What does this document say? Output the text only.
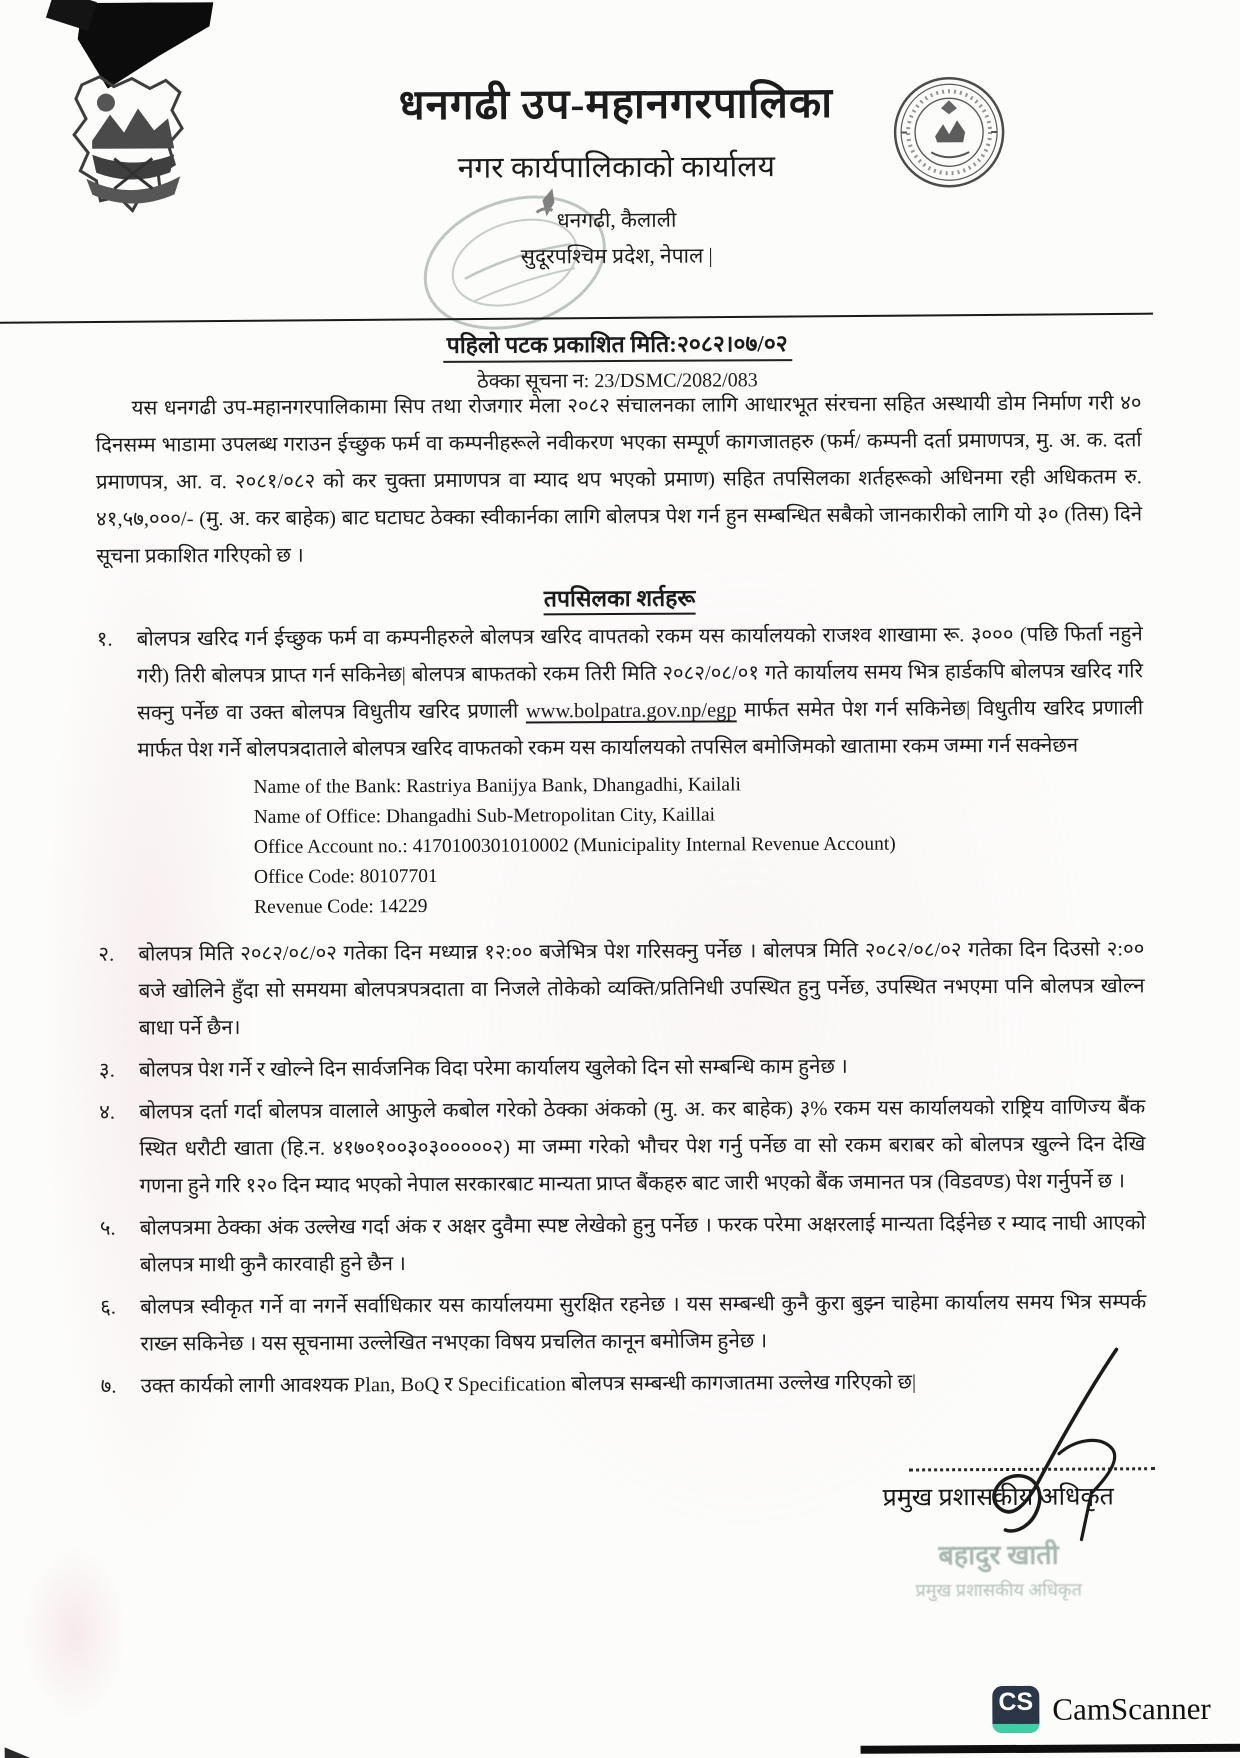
धनगढी उप-महानगरपालिका
नगर कार्यपालिकाको कार्यालय
धनगढी, कैलाली
सुदूरपश्चिम प्रदेश, नेपाल |
पहिलो पटक प्रकाशित मिति:२०८२।०७/०२
ठेक्का सूचना न: 23/DSMC/2082/083

यस धनगढी उप-महानगरपालिकामा सिप तथा रोजगार मेला २०८२ संचालनका लागि आधारभूत संरचना सहित अस्थायी डोम निर्माण गरी ४० दिनसम्म भाडामा उपलब्ध गराउन ईच्छुक फर्म वा कम्पनीहरूले नवीकरण भएका सम्पूर्ण कागजातहरु (फर्म/ कम्पनी दर्ता प्रमाणपत्र, मु. अ. क. दर्ता प्रमाणपत्र, आ. व. २०८१/०८२ को कर चुक्ता प्रमाणपत्र वा म्याद थप भएको प्रमाण) सहित तपसिलका शर्तहरूको अधिनमा रही अधिकतम रु. ४१,५७,०००/- (मु. अ. कर बाहेक) बाट घटाघट ठेक्का स्वीकार्नका लागि बोलपत्र पेश गर्न हुन सम्बन्धित सबैको जानकारीको लागि यो ३० (तिस) दिने सूचना प्रकाशित गरिएको छ ।

तपसिलका शर्तहरू
१.	बोलपत्र खरिद गर्न ईच्छुक फर्म वा कम्पनीहरुले बोलपत्र खरिद वापतको रकम यस कार्यालयको राजश्व शाखामा रू. ३००० (पछि फिर्ता नहुने गरी) तिरी बोलपत्र प्राप्त गर्न सकिनेछ| बोलपत्र बाफतको रकम तिरी मिति २०८२/०८/०१ गते कार्यालय समय भित्र हार्डकपि बोलपत्र खरिद गरि सक्नु पर्नेछ वा उक्त बोलपत्र विधुतीय खरिद प्रणाली www.bolpatra.gov.np/egp मार्फत समेत पेश गर्न सकिनेछ| विधुतीय खरिद प्रणाली मार्फत पेश गर्ने बोलपत्रदाताले बोलपत्र खरिद वाफतको रकम यस कार्यालयको तपसिल बमोजिमको खातामा रकम जम्मा गर्न सक्नेछन
Name of the Bank: Rastriya Banijya Bank, Dhangadhi, Kailali
Name of Office: Dhangadhi Sub-Metropolitan City, Kaillai
Office Account no.: 4170100301010002 (Municipality Internal Revenue Account)
Office Code: 80107701
Revenue Code: 14229
२.	बोलपत्र मिति २०८२/०८/०२ गतेका दिन मध्यान्न १२:०० बजेभित्र पेश गरिसक्नु पर्नेछ । बोलपत्र मिति २०८२/०८/०२ गतेका दिन दिउसो २:०० बजे खोलिने हुँदा सो समयमा बोलपत्रपत्रदाता वा निजले तोकेको व्यक्ति/प्रतिनिधी उपस्थित हुनु पर्नेछ, उपस्थित नभएमा पनि बोलपत्र खोल्न बाधा पर्ने छैन।
३.	बोलपत्र पेश गर्ने र खोल्ने दिन सार्वजनिक विदा परेमा कार्यालय खुलेको दिन सो सम्बन्धि काम हुनेछ ।
४.	बोलपत्र दर्ता गर्दा बोलपत्र वालाले आफुले कबोल गरेको ठेक्का अंकको (मु. अ. कर बाहेक) ३% रकम यस कार्यालयको राष्ट्रिय वाणिज्य बैंक स्थित धरौटी खाता (हि.न. ४१७०१००३०३०००००२) मा जम्मा गरेको भौचर पेश गर्नु पर्नेछ वा सो रकम बराबर को बोलपत्र खुल्ने दिन देखि गणना हुने गरि १२० दिन म्याद भएको नेपाल सरकारबाट मान्यता प्राप्त बैंकहरु बाट जारी भएको बैंक जमानत पत्र (विडवण्ड) पेश गर्नुपर्ने छ ।
५.	बोलपत्रमा ठेक्का अंक उल्लेख गर्दा अंक र अक्षर दुवैमा स्पष्ट लेखेको हुनु पर्नेछ । फरक परेमा अक्षरलाई मान्यता दिईनेछ र म्याद नाघी आएको बोलपत्र माथी कुनै कारवाही हुने छैन ।
६.	बोलपत्र स्वीकृत गर्ने वा नगर्ने सर्वाधिकार यस कार्यालयमा सुरक्षित रहनेछ । यस सम्बन्धी कुनै कुरा बुझ्न चाहेमा कार्यालय समय भित्र सम्पर्क राख्न सकिनेछ । यस सूचनामा उल्लेखित नभएका विषय प्रचलित कानून बमोजिम हुनेछ ।
७.	उक्त कार्यको लागी आवश्यक Plan, BoQ र Specification बोलपत्र सम्बन्धी कागजातमा उल्लेख गरिएको छ|
प्रमुख प्रशासकीय अधिकृत
बहादुर खाती
प्रमुख प्रशासकीय अधिकृत
CS CamScanner
